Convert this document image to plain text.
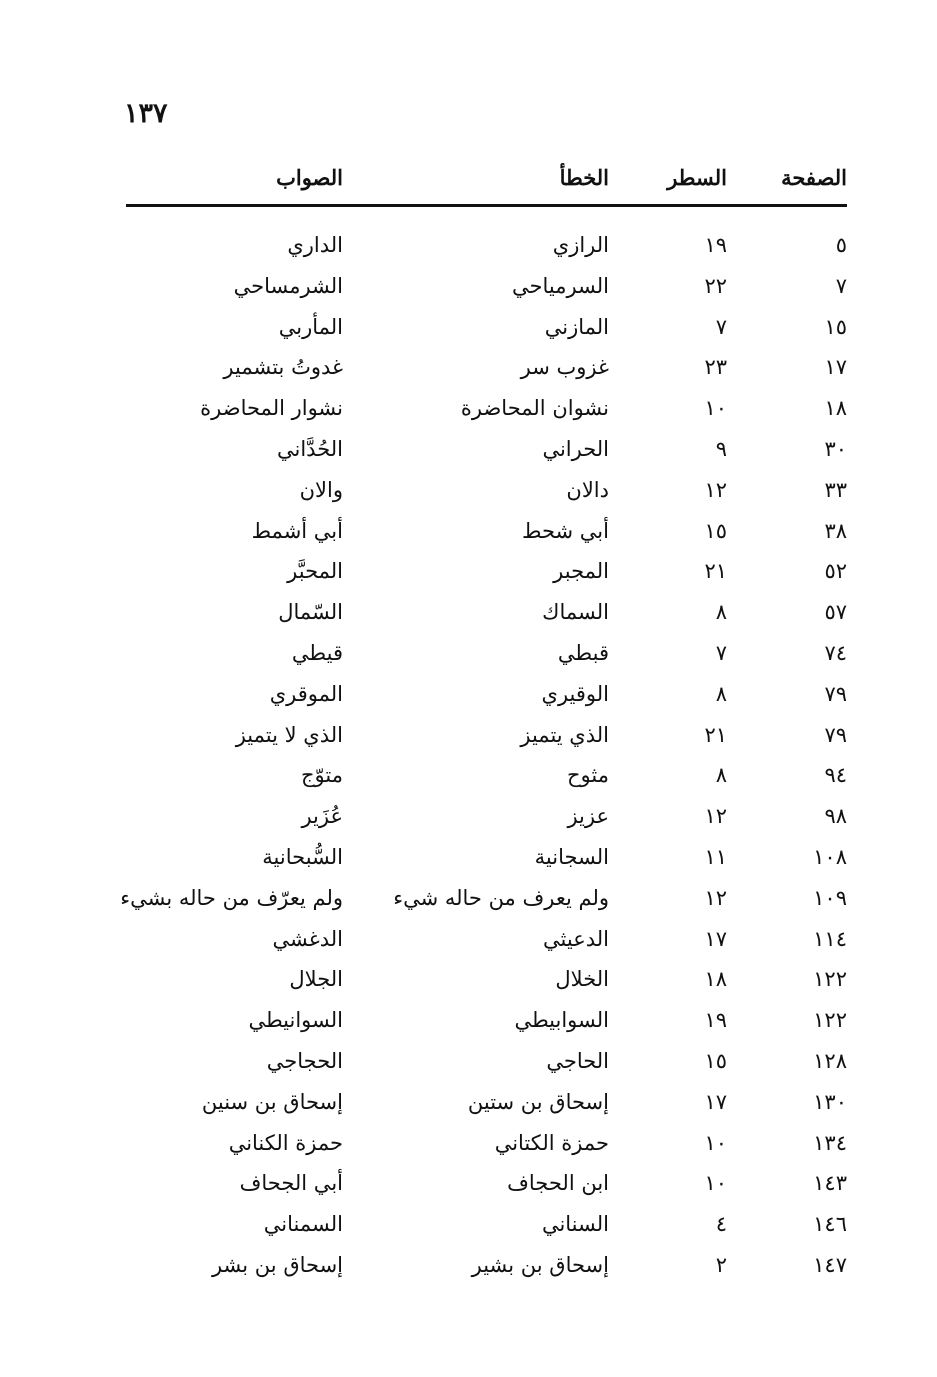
١٣٧
الصفحة
السطر
الخطأ
الصواب
٥
١٩
الرازي
الداري
٧
٢٢
السرمياحي
الشرمساحي
١٥
٧
المازني
المأربي
١٧
٢٣
غزوب سر
غدوتُ بتشمير
١٨
١٠
نشوان المحاضرة
نشوار المحاضرة
٣٠
٩
الحراني
الحُدَّاني
٣٣
١٢
دالان
والان
٣٨
١٥
أبي شحط
أبي أشمط
٥٢
٢١
المجبر
المحبَّر
٥٧
٨
السماك
السّمال
٧٤
٧
قبطي
قيطي
٧٩
٨
الوقيري
الموقري
٧٩
٢١
الذي يتميز
الذي لا يتميز
٩٤
٨
مثوح
متوّج
٩٨
١٢
عزيز
عُزَير
١٠٨
١١
السجانية
السُّبحانية
١٠٩
١٢
ولم يعرف من حاله شيء
ولم يعرّف من حاله بشيء
١١٤
١٧
الدعيثي
الدغشي
١٢٢
١٨
الخلال
الجلال
١٢٢
١٩
السوابيطي
السوانيطي
١٢٨
١٥
الحاجي
الحجاجي
١٣٠
١٧
إسحاق بن ستين
إسحاق بن سنين
١٣٤
١٠
حمزة الكتاني
حمزة الكناني
١٤٣
١٠
ابن الحجاف
أبي الجحاف
١٤٦
٤
السناني
السمناني
١٤٧
٢
إسحاق بن بشير
إسحاق بن بشر
